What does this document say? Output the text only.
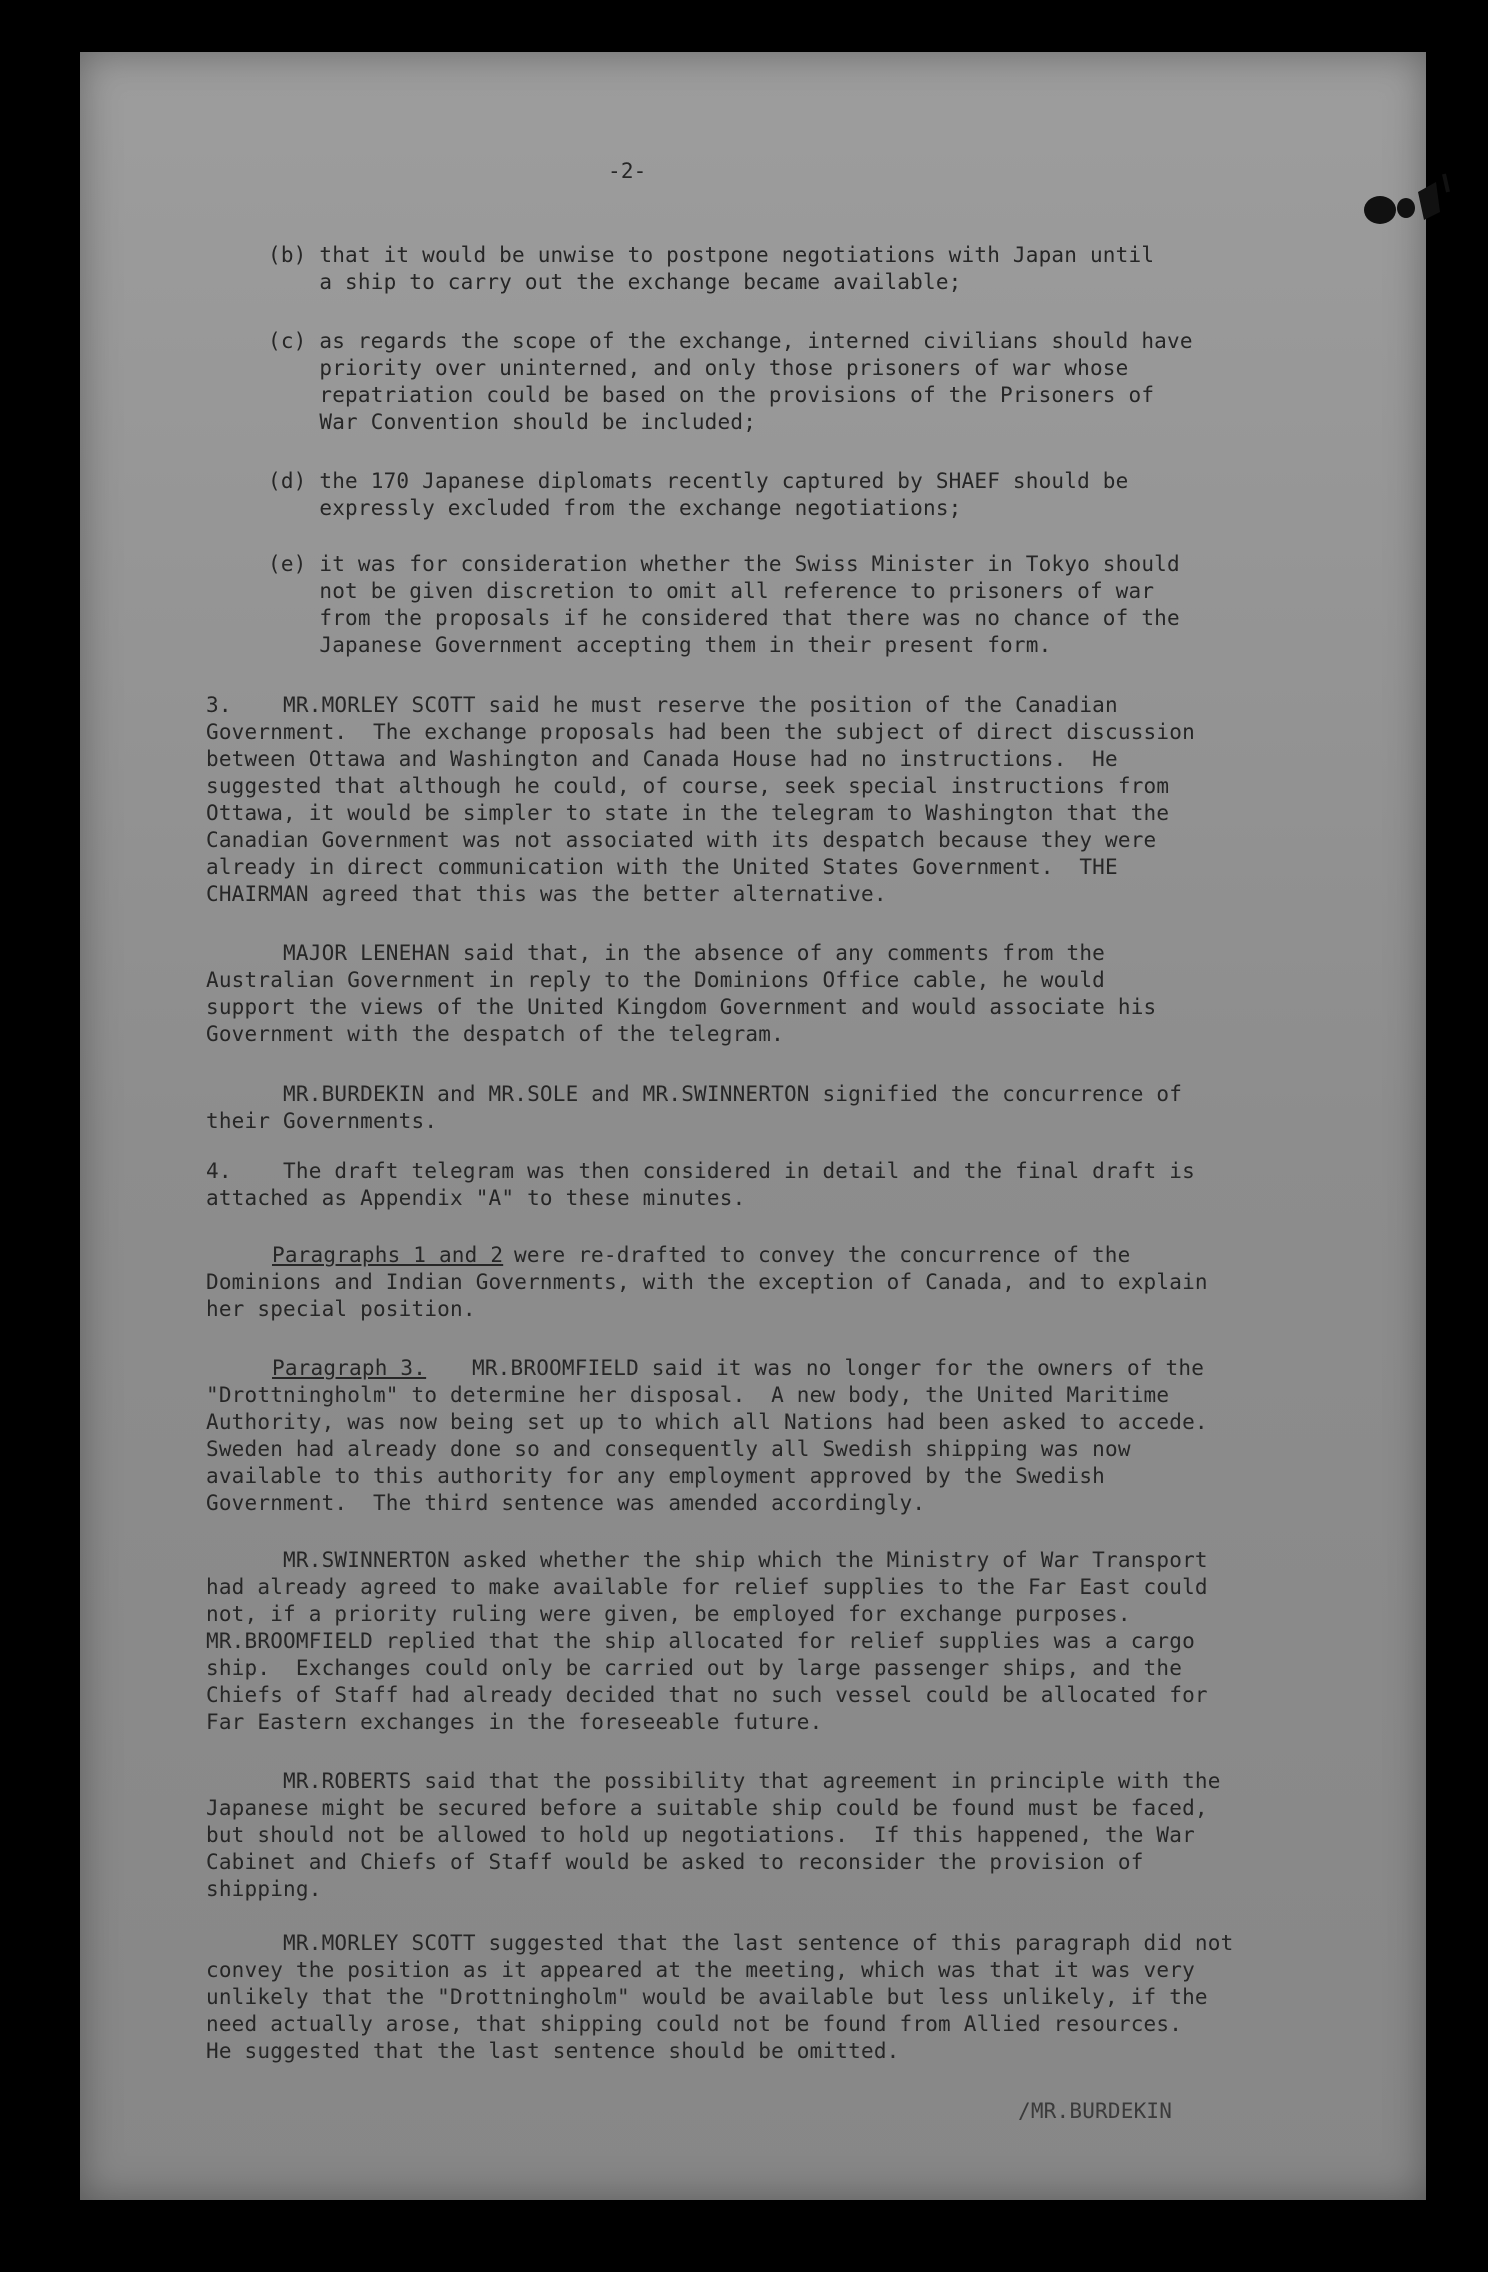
-2-
(b) that it would be unwise to postpone negotiations with Japan until
a ship to carry out the exchange became available;
(c) as regards the scope of the exchange, interned civilians should have
priority over uninterned, and only those prisoners of war whose
repatriation could be based on the provisions of the Prisoners of
War Convention should be included;
(d) the 170 Japanese diplomats recently captured by SHAEF should be
expressly excluded from the exchange negotiations;
(e) it was for consideration whether the Swiss Minister in Tokyo should
not be given discretion to omit all reference to prisoners of war
from the proposals if he considered that there was no chance of the
Japanese Government accepting them in their present form.
3.    MR.MORLEY SCOTT said he must reserve the position of the Canadian
Government.  The exchange proposals had been the subject of direct discussion
between Ottawa and Washington and Canada House had no instructions.  He
suggested that although he could, of course, seek special instructions from
Ottawa, it would be simpler to state in the telegram to Washington that the
Canadian Government was not associated with its despatch because they were
already in direct communication with the United States Government.  THE
CHAIRMAN agreed that this was the better alternative.
MAJOR LENEHAN said that, in the absence of any comments from the
Australian Government in reply to the Dominions Office cable, he would
support the views of the United Kingdom Government and would associate his
Government with the despatch of the telegram.
MR.BURDEKIN and MR.SOLE and MR.SWINNERTON signified the concurrence of
their Governments.
4.    The draft telegram was then considered in detail and the final draft is
attached as Appendix "A" to these minutes.
Paragraphs 1 and 2 were re-drafted to convey the concurrence of the
Dominions and Indian Governments, with the exception of Canada, and to explain
her special position.
Paragraph 3. MR.BROOMFIELD said it was no longer for the owners of the
"Drottningholm" to determine her disposal.  A new body, the United Maritime
Authority, was now being set up to which all Nations had been asked to accede.
Sweden had already done so and consequently all Swedish shipping was now
available to this authority for any employment approved by the Swedish
Government.  The third sentence was amended accordingly.
MR.SWINNERTON asked whether the ship which the Ministry of War Transport
had already agreed to make available for relief supplies to the Far East could
not, if a priority ruling were given, be employed for exchange purposes.
MR.BROOMFIELD replied that the ship allocated for relief supplies was a cargo
ship.  Exchanges could only be carried out by large passenger ships, and the
Chiefs of Staff had already decided that no such vessel could be allocated for
Far Eastern exchanges in the foreseeable future.
MR.ROBERTS said that the possibility that agreement in principle with the
Japanese might be secured before a suitable ship could be found must be faced,
but should not be allowed to hold up negotiations.  If this happened, the War
Cabinet and Chiefs of Staff would be asked to reconsider the provision of
shipping.
MR.MORLEY SCOTT suggested that the last sentence of this paragraph did not
convey the position as it appeared at the meeting, which was that it was very
unlikely that the "Drottningholm" would be available but less unlikely, if the
need actually arose, that shipping could not be found from Allied resources.
He suggested that the last sentence should be omitted.
/MR.BURDEKIN
